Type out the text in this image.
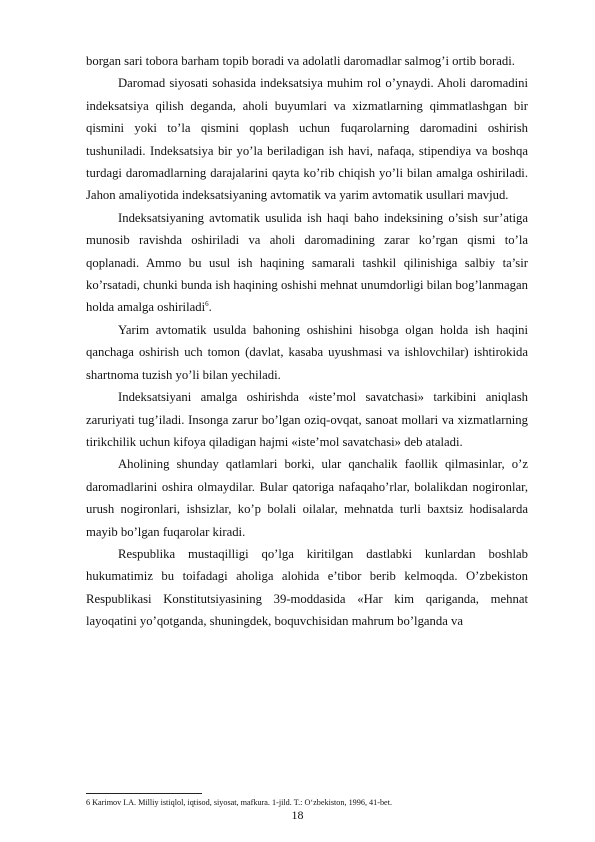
borgan sari tobora barham topib boradi va adolatli daromadlar salmog’i ortib boradi.

Daromad siyosati sohasida indeksatsiya muhim rol o’ynaydi. Aholi daromadini indeksatsiya qilish deganda, aholi buyumlari va xizmatlarning qimmatlashgan bir qismini yoki to’la qismini qoplash uchun fuqarolarning daromadini oshirish tushuniladi. Indeksatsiya bir yo’la beriladigan ish havi, nafaqa, stipendiya va boshqa turdagi daromadlarning darajalarini qayta ko’rib chiqish yo’li bilan amalga oshiriladi. Jahon amaliyotida indeksatsiyaning avtomatik va yarim avtomatik usullari mavjud.

Indeksatsiyaning avtomatik usulida ish haqi baho indeksining o’sish sur’atiga munosib ravishda oshiriladi va aholi daromadining zarar ko’rgan qismi to’la qoplanadi. Ammo bu usul ish haqining samarali tashkil qilinishiga salbiy ta’sir ko’rsatadi, chunki bunda ish haqining oshishi mehnat unumdorligi bilan bog’lanmagan holda amalga oshiriladi$^6$.

Yarim avtomatik usulda bahoning oshishini hisobga olgan holda ish haqini qanchaga oshirish uch tomon (davlat, kasaba uyushmasi va ishlovchilar) ishtirokida shartnoma tuzish yo’li bilan yechiladi.

Indeksatsiyani amalga oshirishda «iste’mol savatchasi» tarkibini aniqlash zaruriyati tug’iladi. Insonga zarur bo’lgan oziq-ovqat, sanoat mollari va xizmatlarning tirikchilik uchun kifoya qiladigan hajmi «iste’mol savatchasi» deb ataladi.

Aholining shunday qatlamlari borki, ular qanchalik faollik qilmasinlar, o’z daromadlarini oshira olmaydilar. Bular qatoriga nafaqaho’rlar, bolalikdan nogironlar, urush nogironlari, ishsizlar, ko’p bolali oilalar, mehnatda turli baxtsiz hodisalarda mayib bo’lgan fuqarolar kiradi.

Respublika mustaqilligi qo’lga kiritilgan dastlabki kunlardan boshlab hukumatimiz bu toifadagi aholiga alohida e’tibor berib kelmoqda. O’zbekiston Respublikasi Konstitutsiyasining 39-moddasida «Har kim qariganda, mehnat layoqatini yo’qotganda, shuningdek, boquvchisidan mahrum bo’lganda va

6 Karimov I.A. Milliy istiqlol, iqtisod, siyosat, mafkura. 1-jild. T.: O‘zbekiston, 1996, 41-bet.
18
